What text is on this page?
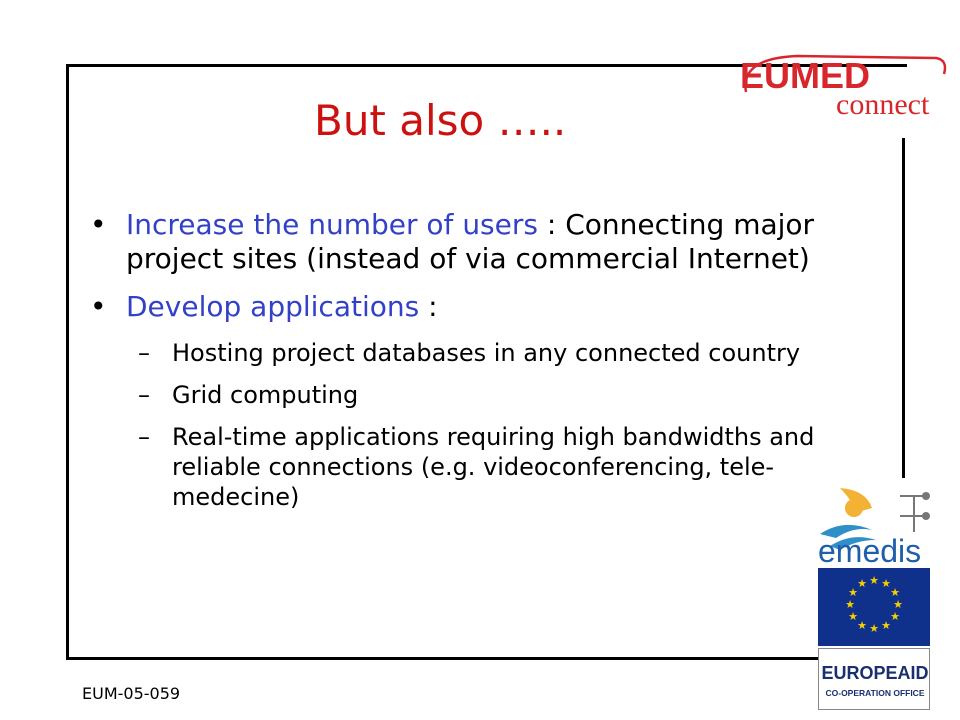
But also …..
• Increase the number of users : Connecting major project sites (instead of via commercial Internet)
• Develop applications :
– Hosting project databases in any connected country
– Grid computing
– Real-time applications requiring high bandwidths and reliable connections (e.g. videoconferencing, tele-medecine)
EUMED
connect
emedis
★ ★
★
★
★
★
★
★
★
★
★
★
EUROPEAID
CO-OPERATION OFFICE
EUM-05-059
